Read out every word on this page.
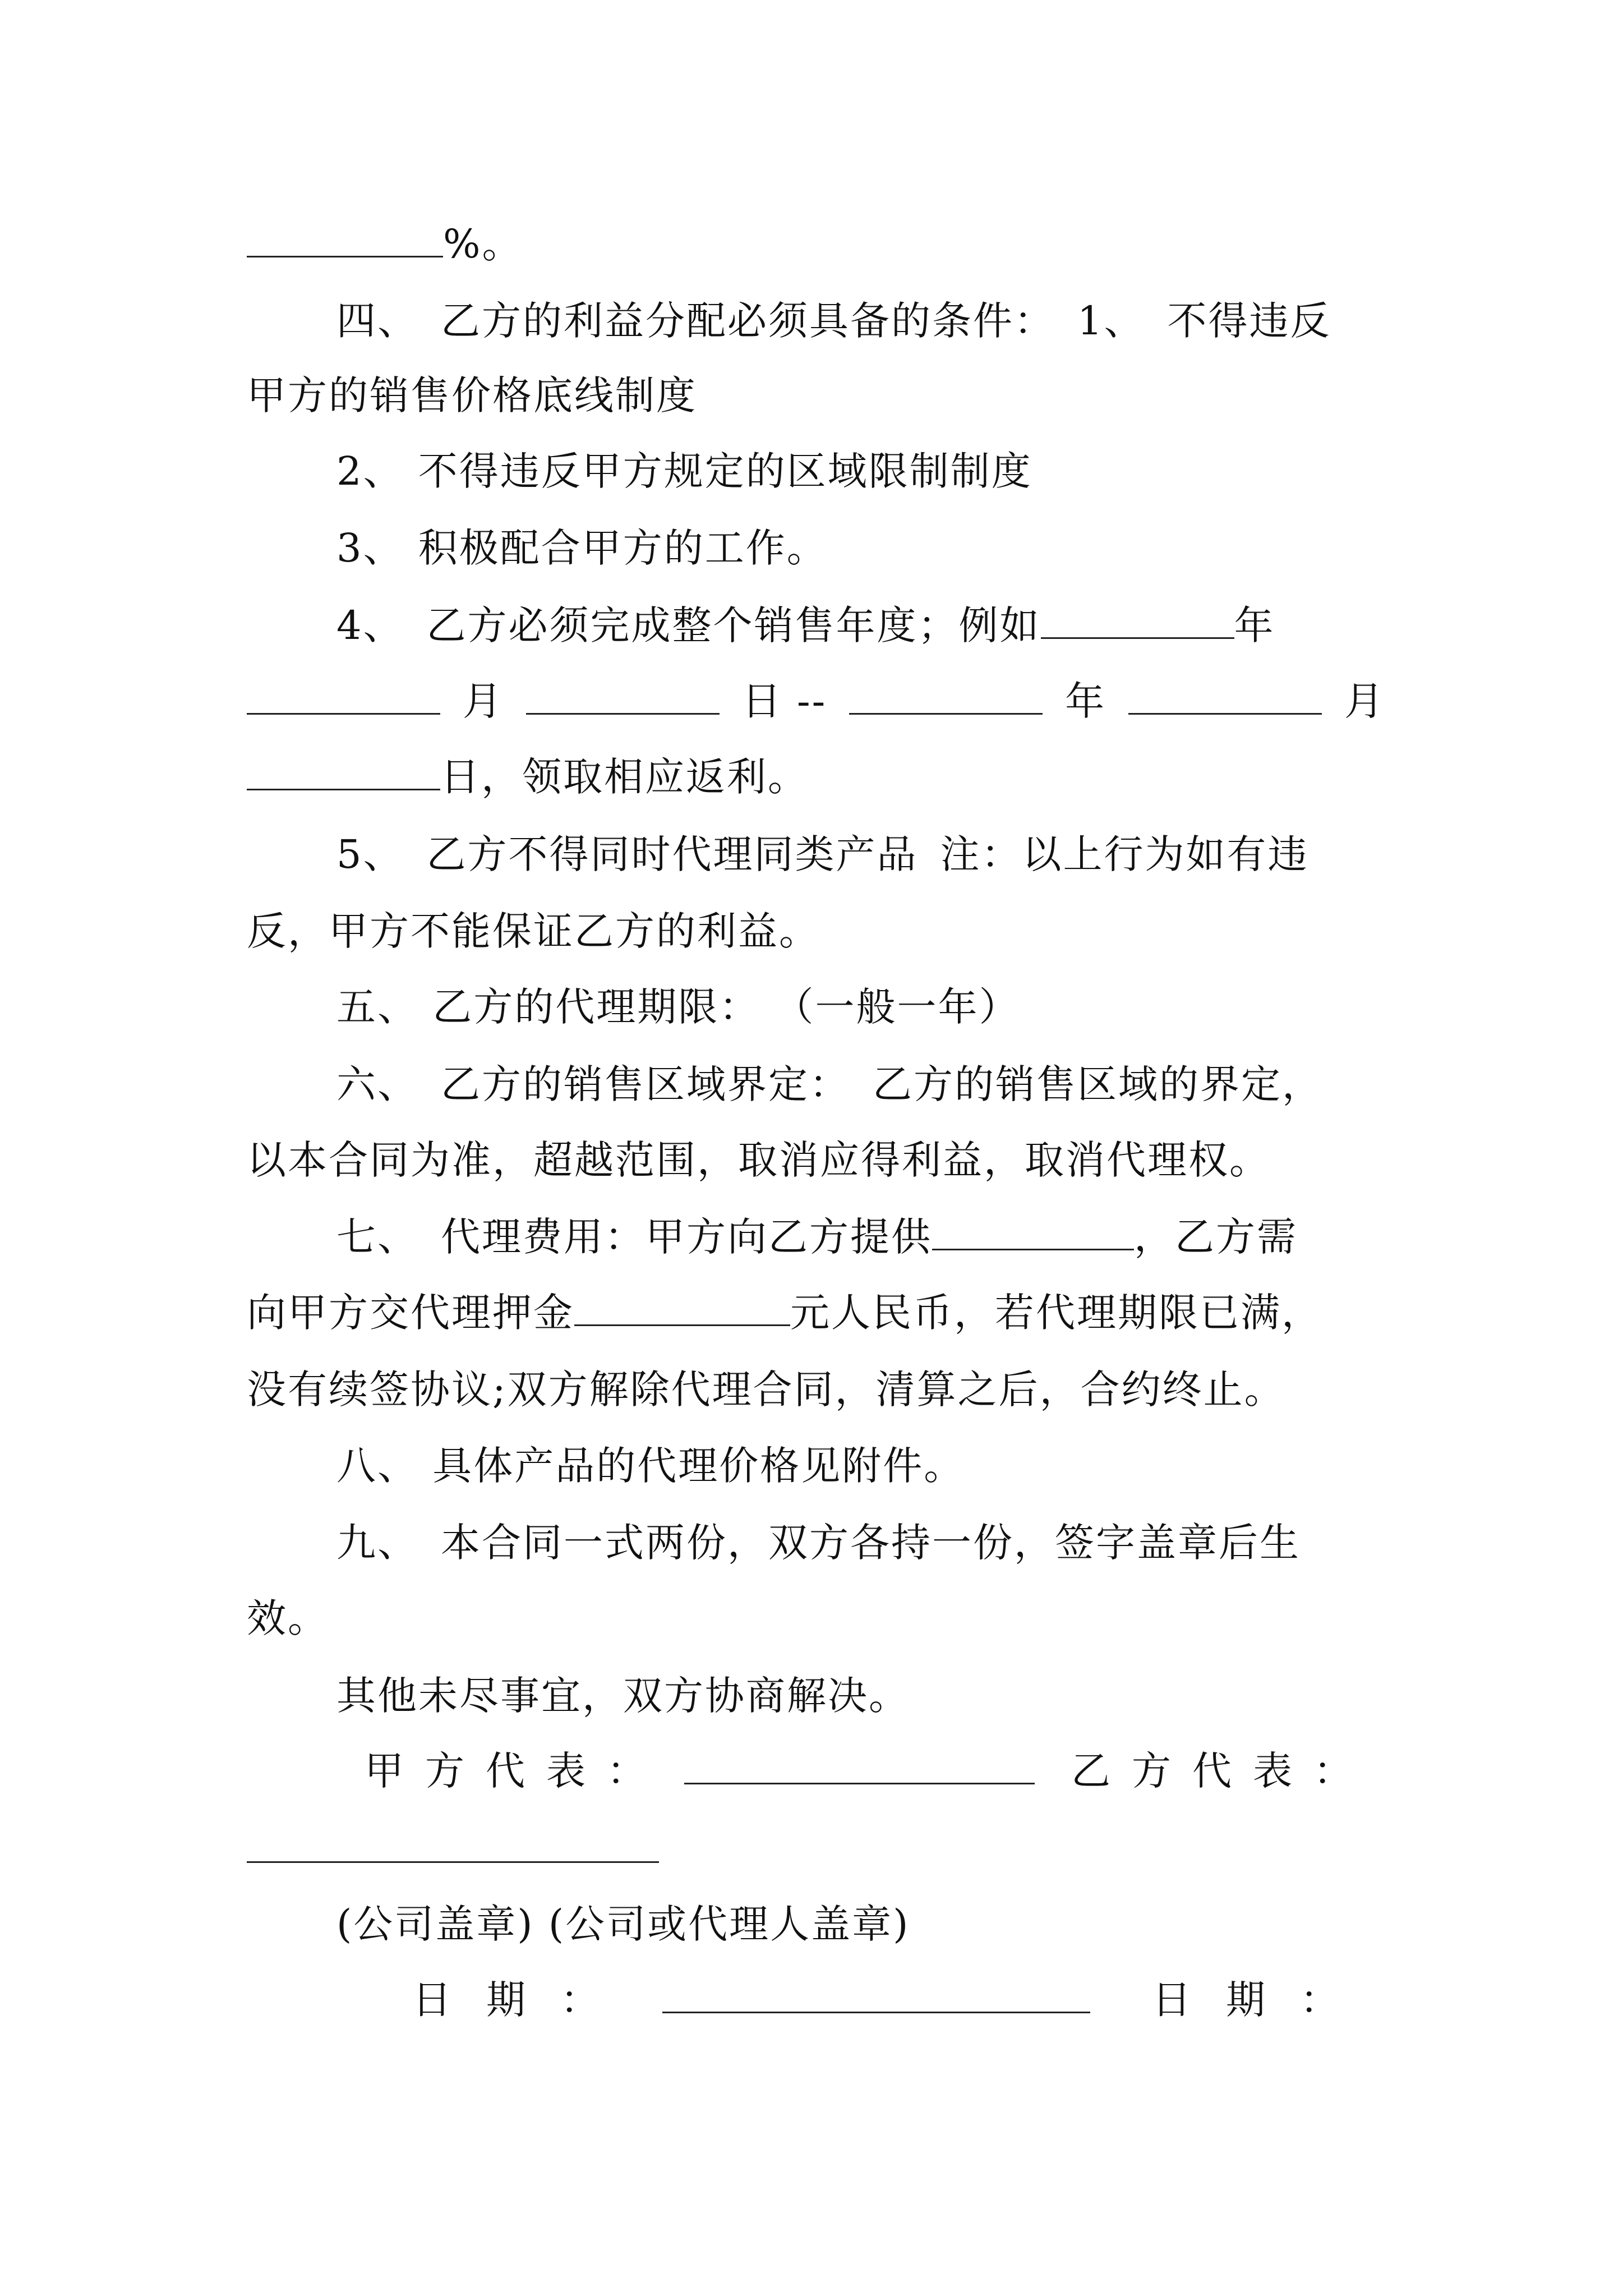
%。
四、 乙方的利益分配必须具备的条件： 1、 不得违反
甲方的销售价格底线制度
2、 不得违反甲方规定的区域限制制度
3、 积极配合甲方的工作。
4、 乙方必须完成整个销售年度；例如	年
月	日 --	年	月
日，领取相应返利。
5、 乙方不得同时代理同类产品 注：以上行为如有违
反，甲方不能保证乙方的利益。
五、 乙方的代理期限： （一般一年）
六、 乙方的销售区域界定： 乙方的销售区域的界定，
以本合同为准，超越范围，取消应得利益，取消代理权。
七、 代理费用：甲方向乙方提供	，乙方需
向甲方交代理押金	元人民币，若代理期限已满，
没有续签协议;双方解除代理合同，清算之后，合约终止。
八、 具体产品的代理价格见附件。
九、 本合同一式两份，双方各持一份，签字盖章后生
效。
其他未尽事宜，双方协商解决。
甲方代表：	乙方代表：
(公司盖章) (公司或代理人盖章)
日期：	日期：
